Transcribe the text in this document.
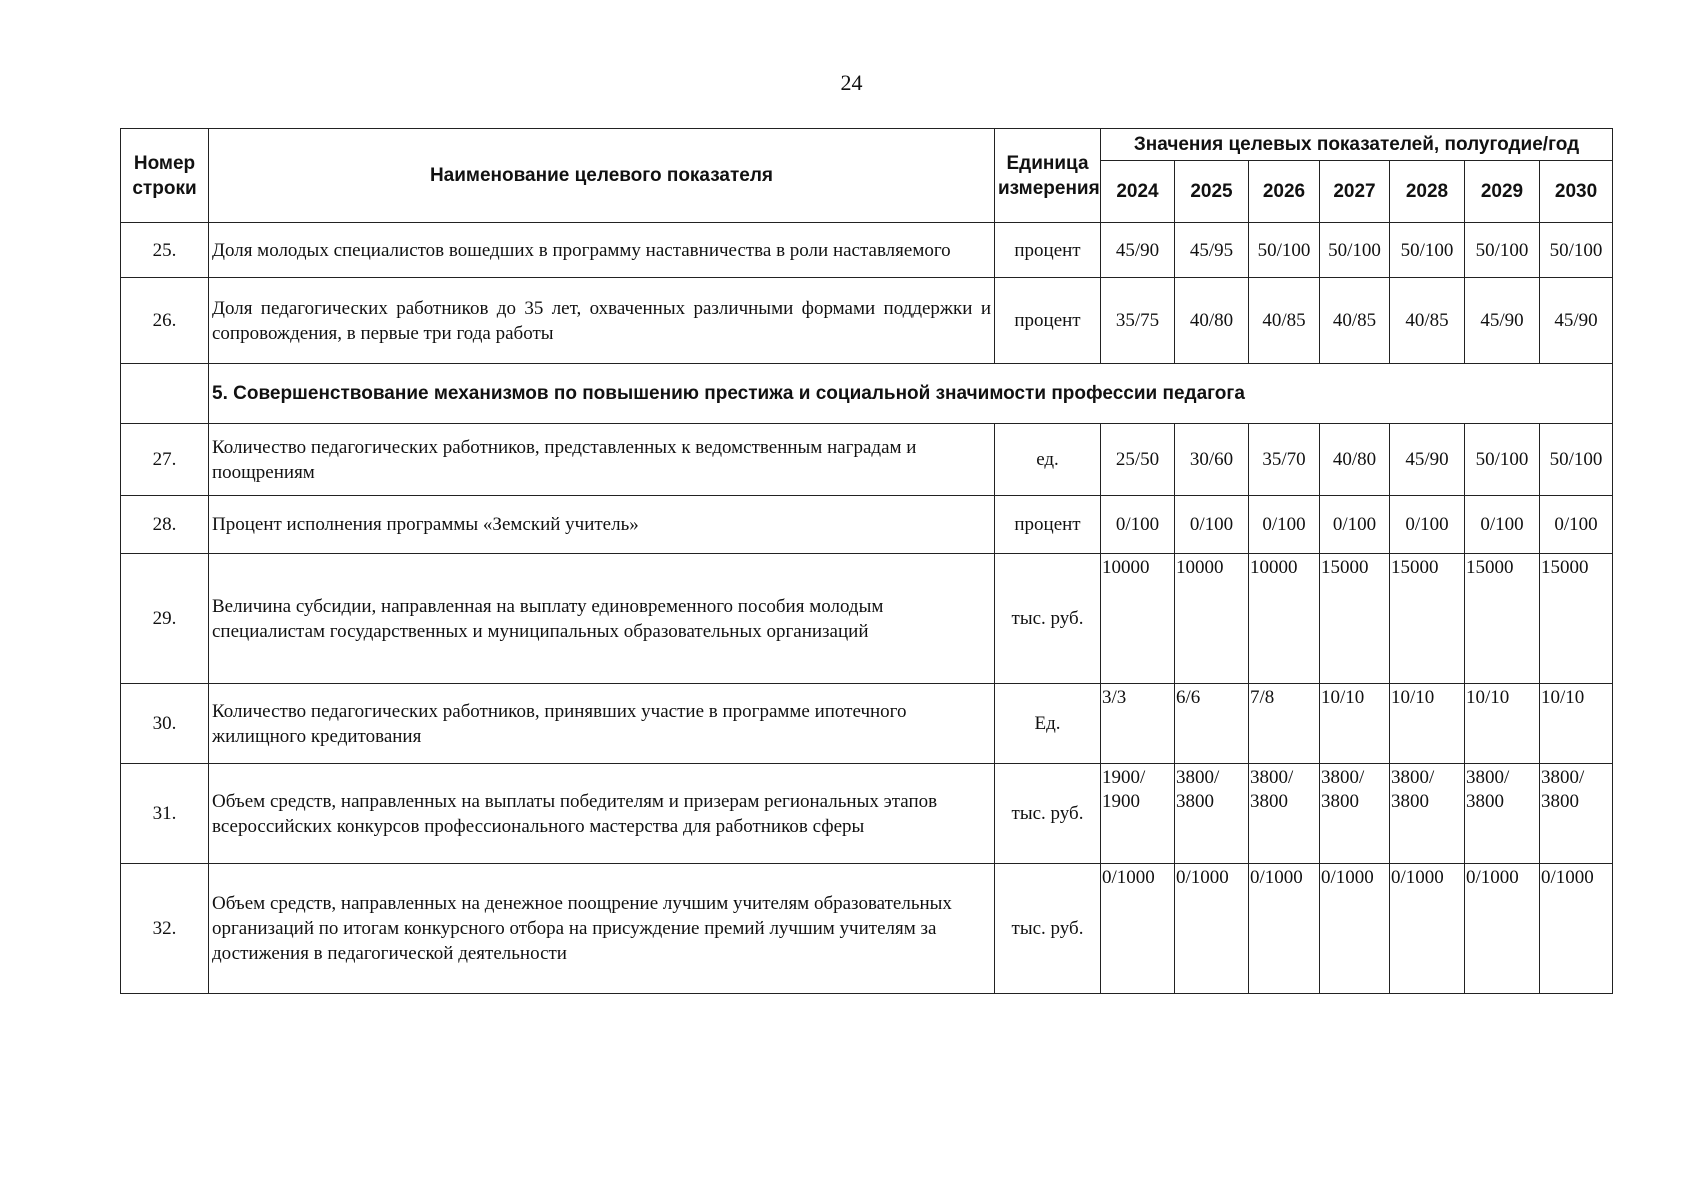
24
Номер строки	Наименование целевого показателя	Единица измерения	Значения целевых показателей, полугодие/год						
			2024	2025	2026	2027	2028	2029	2030
25.	Доля молодых специалистов вошедших в программу наставничества в роли наставляемого	процент	45/90	45/95	50/100	50/100	50/100	50/100	50/100
26.	Доля педагогических работников до 35 лет, охваченных различными формами поддержки и сопровождения, в первые три года работы	процент	35/75	40/80	40/85	40/85	40/85	45/90	45/90
	5. Совершенствование механизмов по повышению престижа и социальной значимости профессии педагога								
27.	Количество педагогических работников, представленных к ведомственным наградам и поощрениям	ед.	25/50	30/60	35/70	40/80	45/90	50/100	50/100
28.	Процент исполнения программы «Земский учитель»	процент	0/100	0/100	0/100	0/100	0/100	0/100	0/100
29.	Величина субсидии, направленная на выплату единовременного пособия молодым специалистам государственных и муниципальных образовательных организаций	тыс. руб.	10000	10000	10000	15000	15000	15000	15000
30.	Количество педагогических работников, принявших участие в программе ипотечного жилищного кредитования	Ед.	3/3	6/6	7/8	10/10	10/10	10/10	10/10
31.	Объем средств, направленных на выплаты победителям и призерам региональных этапов всероссийских конкурсов профессионального мастерства для работников сферы	тыс. руб.	1900/ 1900	3800/ 3800	3800/ 3800	3800/ 3800	3800/ 3800	3800/ 3800	3800/ 3800
32.	Объем средств, направленных на денежное поощрение лучшим учителям образовательных организаций по итогам конкурсного отбора на присуждение премий лучшим учителям за достижения в педагогической деятельности	тыс. руб.	0/1000	0/1000	0/1000	0/1000	0/1000	0/1000	0/1000
